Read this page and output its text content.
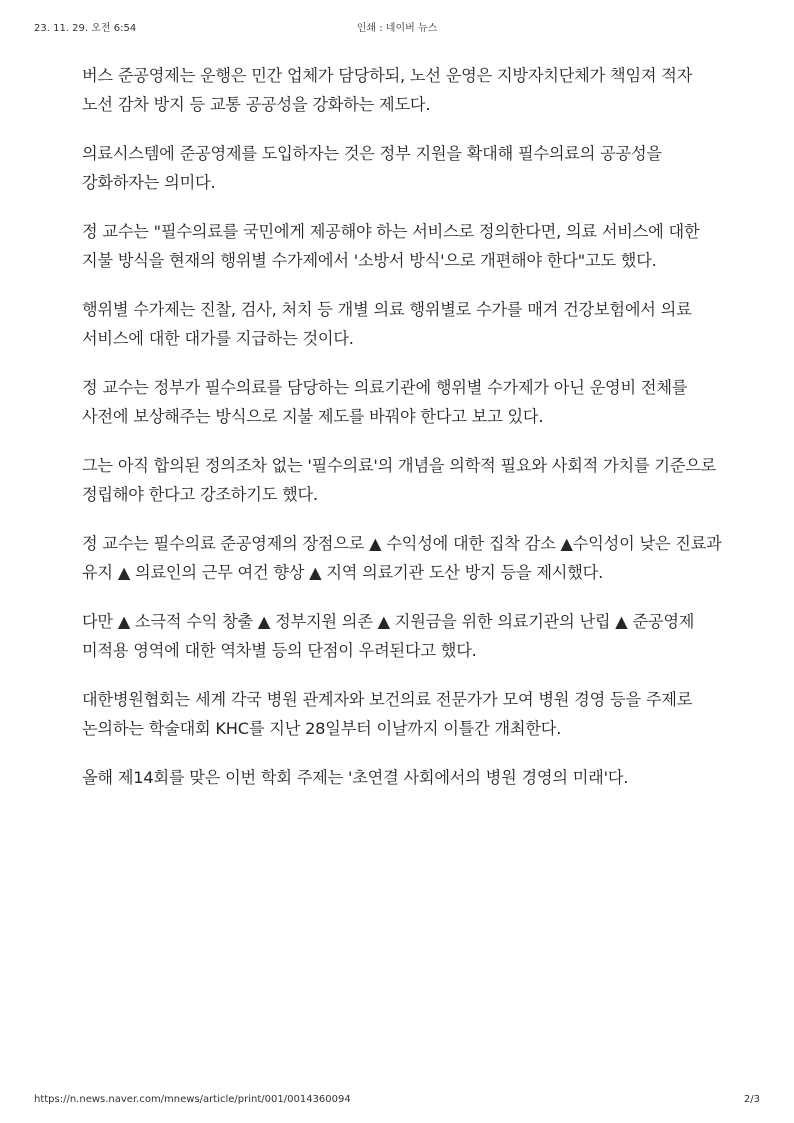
23. 11. 29. 오전 6:54	인쇄 : 네이버 뉴스

버스 준공영제는 운행은 민간 업체가 담당하되, 노선 운영은 지방자치단체가 책임져 적자 노선 감차 방지 등 교통 공공성을 강화하는 제도다.

의료시스템에 준공영제를 도입하자는 것은 정부 지원을 확대해 필수의료의 공공성을 강화하자는 의미다.

정 교수는 "필수의료를 국민에게 제공해야 하는 서비스로 정의한다면, 의료 서비스에 대한 지불 방식을 현재의 행위별 수가제에서 '소방서 방식'으로 개편해야 한다"고도 했다.

행위별 수가제는 진찰, 검사, 처치 등 개별 의료 행위별로 수가를 매겨 건강보험에서 의료 서비스에 대한 대가를 지급하는 것이다.

정 교수는 정부가 필수의료를 담당하는 의료기관에 행위별 수가제가 아닌 운영비 전체를 사전에 보상해주는 방식으로 지불 제도를 바꿔야 한다고 보고 있다.

그는 아직 합의된 정의조차 없는 '필수의료'의 개념을 의학적 필요와 사회적 가치를 기준으로 정립해야 한다고 강조하기도 했다.

정 교수는 필수의료 준공영제의 장점으로 ▲ 수익성에 대한 집착 감소 ▲수익성이 낮은 진료과 유지 ▲ 의료인의 근무 여건 향상 ▲ 지역 의료기관 도산 방지 등을 제시했다.

다만 ▲ 소극적 수익 창출 ▲ 정부지원 의존 ▲ 지원금을 위한 의료기관의 난립 ▲ 준공영제 미적용 영역에 대한 역차별 등의 단점이 우려된다고 했다.

대한병원협회는 세계 각국 병원 관계자와 보건의료 전문가가 모여 병원 경영 등을 주제로 논의하는 학술대회 KHC를 지난 28일부터 이날까지 이틀간 개최한다.

올해 제14회를 맞은 이번 학회 주제는 '초연결 사회에서의 병원 경영의 미래'다.

https://n.news.naver.com/mnews/article/print/001/0014360094	2/3
